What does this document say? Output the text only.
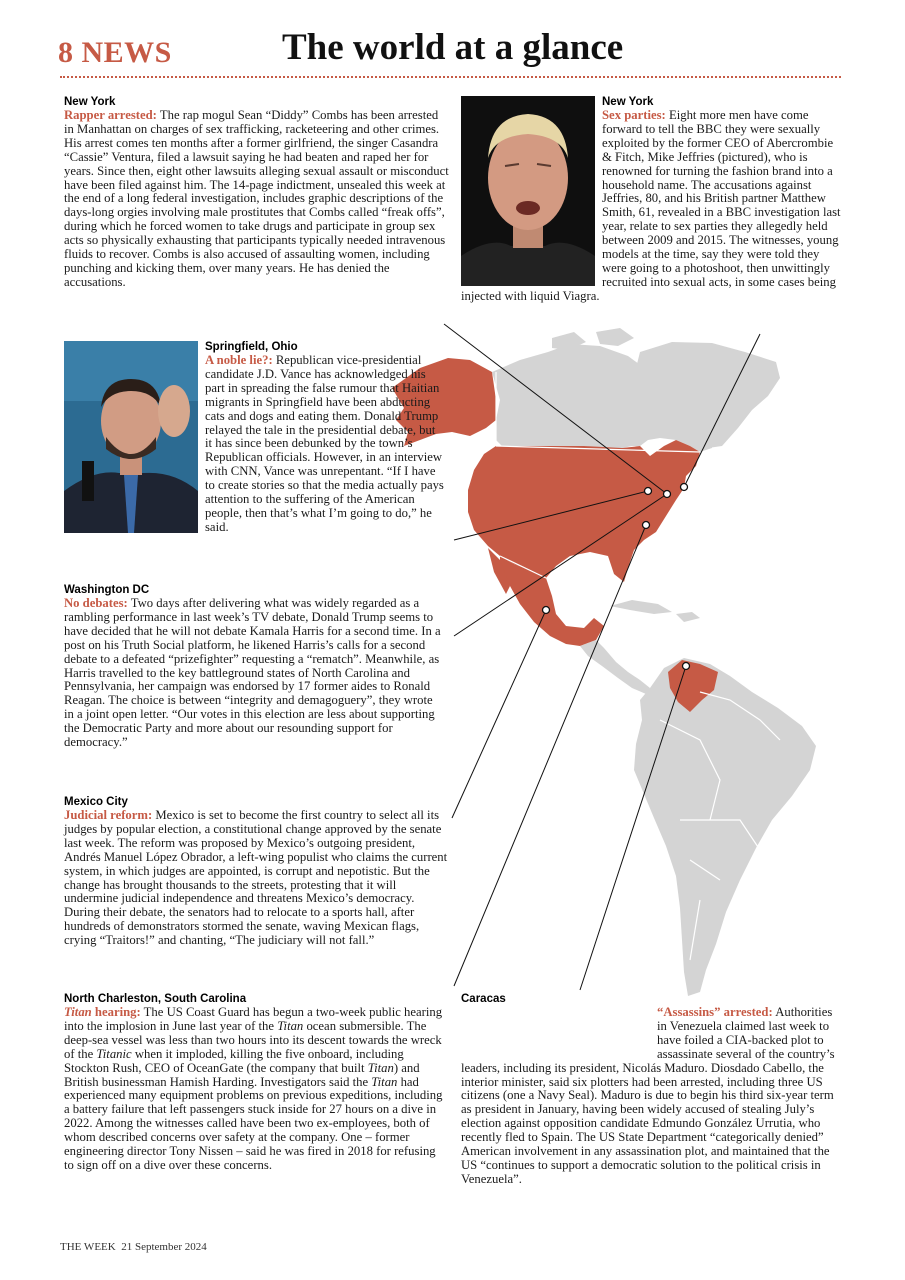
8 NEWS	The world at a glance
New York
Rapper arrested: The rap mogul Sean “Diddy” Combs has been arrested in Manhattan on charges of sex trafficking, racketeering and other crimes. His arrest comes ten months after a former girlfriend, the singer Casandra “Cassie” Ventura, filed a lawsuit saying he had beaten and raped her for years. Since then, eight other lawsuits alleging sexual assault or misconduct have been filed against him. The 14-page indictment, unsealed this week at the end of a long federal investigation, includes graphic descriptions of the days-long orgies involving male prostitutes that Combs called “freak offs”, during which he forced women to take drugs and participate in group sex acts so physically exhausting that participants typically needed intravenous fluids to recover. Combs is also accused of assaulting women, including punching and kicking them, over many years. He has denied the accusations.
New York
Sex parties: Eight more men have come forward to tell the BBC they were sexually exploited by the former CEO of Abercrombie & Fitch, Mike Jeffries (pictured), who is renowned for turning the fashion brand into a household name. The accusations against Jeffries, 80, and his British partner Matthew Smith, 61, revealed in a BBC investigation last year, relate to sex parties they allegedly held between 2009 and 2015. The witnesses, young models at the time, say they were told they were going to a photoshoot, then unwittingly recruited into sexual acts, in some cases being injected with liquid Viagra.
Springfield, Ohio
A noble lie?: Republican vice-presidential candidate J.D. Vance has acknowledged his part in spreading the false rumour that Haitian migrants in Springfield have been abducting cats and dogs and eating them. Donald Trump relayed the tale in the presidential debate, but it has since been debunked by the town’s Republican officials. However, in an interview with CNN, Vance was unrepentant. “If I have to create stories so that the media actually pays attention to the suffering of the American people, then that’s what I’m going to do,” he said.
Washington DC
No debates: Two days after delivering what was widely regarded as a rambling performance in last week’s TV debate, Donald Trump seems to have decided that he will not debate Kamala Harris for a second time. In a post on his Truth Social platform, he likened Harris’s calls for a second debate to a defeated “prizefighter” requesting a “rematch”. Meanwhile, as Harris travelled to the key battleground states of North Carolina and Pennsylvania, her campaign was endorsed by 17 former aides to Ronald Reagan. The choice is between “integrity and demagoguery”, they wrote in a joint open letter. “Our votes in this election are less about supporting the Democratic Party and more about our resounding support for democracy.”
Mexico City
Judicial reform: Mexico is set to become the first country to select all its judges by popular election, a constitutional change approved by the senate last week. The reform was proposed by Mexico’s outgoing president, Andrés Manuel López Obrador, a left-wing populist who claims the current system, in which judges are appointed, is corrupt and nepotistic. But the change has brought thousands to the streets, protesting that it will undermine judicial independence and threatens Mexico’s democracy. During their debate, the senators had to relocate to a sports hall, after hundreds of demonstrators stormed the senate, waving Mexican flags, crying “Traitors!” and chanting, “The judiciary will not fall.”
North Charleston, South Carolina
Titan hearing: The US Coast Guard has begun a two-week public hearing into the implosion in June last year of the Titan ocean submersible. The deep-sea vessel was less than two hours into its descent towards the wreck of the Titanic when it imploded, killing the five onboard, including Stockton Rush, CEO of OceanGate (the company that built Titan) and British businessman Hamish Harding. Investigators said the Titan had experienced many equipment problems on previous expeditions, including a battery failure that left passengers stuck inside for 27 hours on a dive in 2022. Among the witnesses called have been two ex-employees, both of whom described concerns over safety at the company. One – former engineering director Tony Nissen – said he was fired in 2018 for refusing to sign off on a dive over these concerns.
Caracas
“Assassins” arrested: Authorities in Venezuela claimed last week to have foiled a CIA-backed plot to assassinate several of the country’s leaders, including its president, Nicolás Maduro. Diosdado Cabello, the interior minister, said six plotters had been arrested, including three US citizens (one a Navy Seal). Maduro is due to begin his third six-year term as president in January, having been widely accused of stealing July’s election against opposition candidate Edmundo González Urrutia, who recently fled to Spain. The US State Department “categorically denied” American involvement in any assassination plot, and maintained that the US “continues to support a democratic solution to the political crisis in Venezuela”.
THE WEEK 21 September 2024
